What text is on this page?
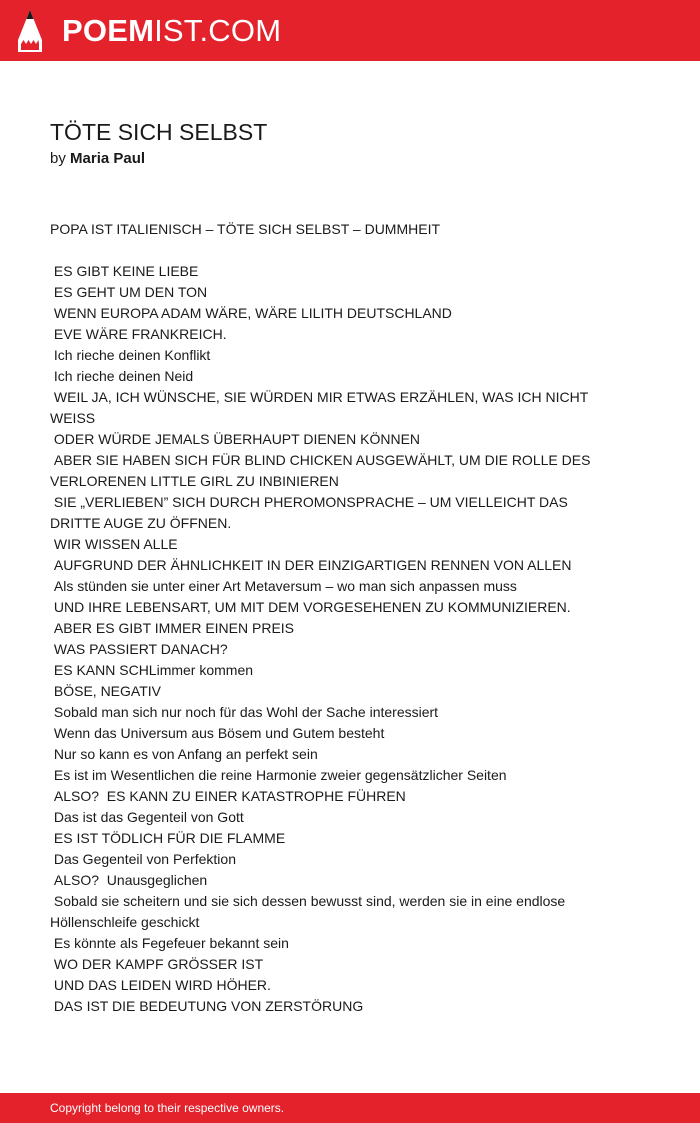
POEMIST.COM
TÖTE SICH SELBST
by Maria Paul
POPA IST ITALIENISCH – TÖTE SICH SELBST – DUMMHEIT
ES GIBT KEINE LIEBE
ES GEHT UM DEN TON
WENN EUROPA ADAM WÄRE, WÄRE LILITH DEUTSCHLAND
EVE WÄRE FRANKREICH.
Ich rieche deinen Konflikt
Ich rieche deinen Neid
WEIL JA, ICH WÜNSCHE, SIE WÜRDEN MIR ETWAS ERZÄHLEN, WAS ICH NICHT WEISS
ODER WÜRDE JEMALS ÜBERHAUPT DIENEN KÖNNEN
ABER SIE HABEN SICH FÜR BLIND CHICKEN AUSGEWÄHLT, UM DIE ROLLE DES VERLORENEN LITTLE GIRL ZU INBINIEREN
SIE „VERLIEBEN” SICH DURCH PHEROMONSPRACHE – UM VIELLEICHT DAS DRITTE AUGE ZU ÖFFNEN.
WIR WISSEN ALLE
AUFGRUND DER ÄHNLICHKEIT IN DER EINZIGARTIGEN RENNEN VON ALLEN
Als stünden sie unter einer Art Metaversum – wo man sich anpassen muss
UND IHRE LEBENSART, UM MIT DEM VORGESEHENEN ZU KOMMUNIZIEREN.
ABER ES GIBT IMMER EINEN PREIS
WAS PASSIERT DANACH?
ES KANN SCHLimmer kommen
BÖSE, NEGATIV
Sobald man sich nur noch für das Wohl der Sache interessiert
Wenn das Universum aus Bösem und Gutem besteht
Nur so kann es von Anfang an perfekt sein
Es ist im Wesentlichen die reine Harmonie zweier gegensätzlicher Seiten
ALSO?  ES KANN ZU EINER KATASTROPHE FÜHREN
Das ist das Gegenteil von Gott
ES IST TÖDLICH FÜR DIE FLAMME
Das Gegenteil von Perfektion
ALSO?  Unausgeglichen
Sobald sie scheitern und sie sich dessen bewusst sind, werden sie in eine endlose Höllenschleife geschickt
Es könnte als Fegefeuer bekannt sein
WO DER KAMPF GRÖSSER IST
UND DAS LEIDEN WIRD HÖHER.
DAS IST DIE BEDEUTUNG VON ZERSTÖRUNG
Copyright belong to their respective owners.
